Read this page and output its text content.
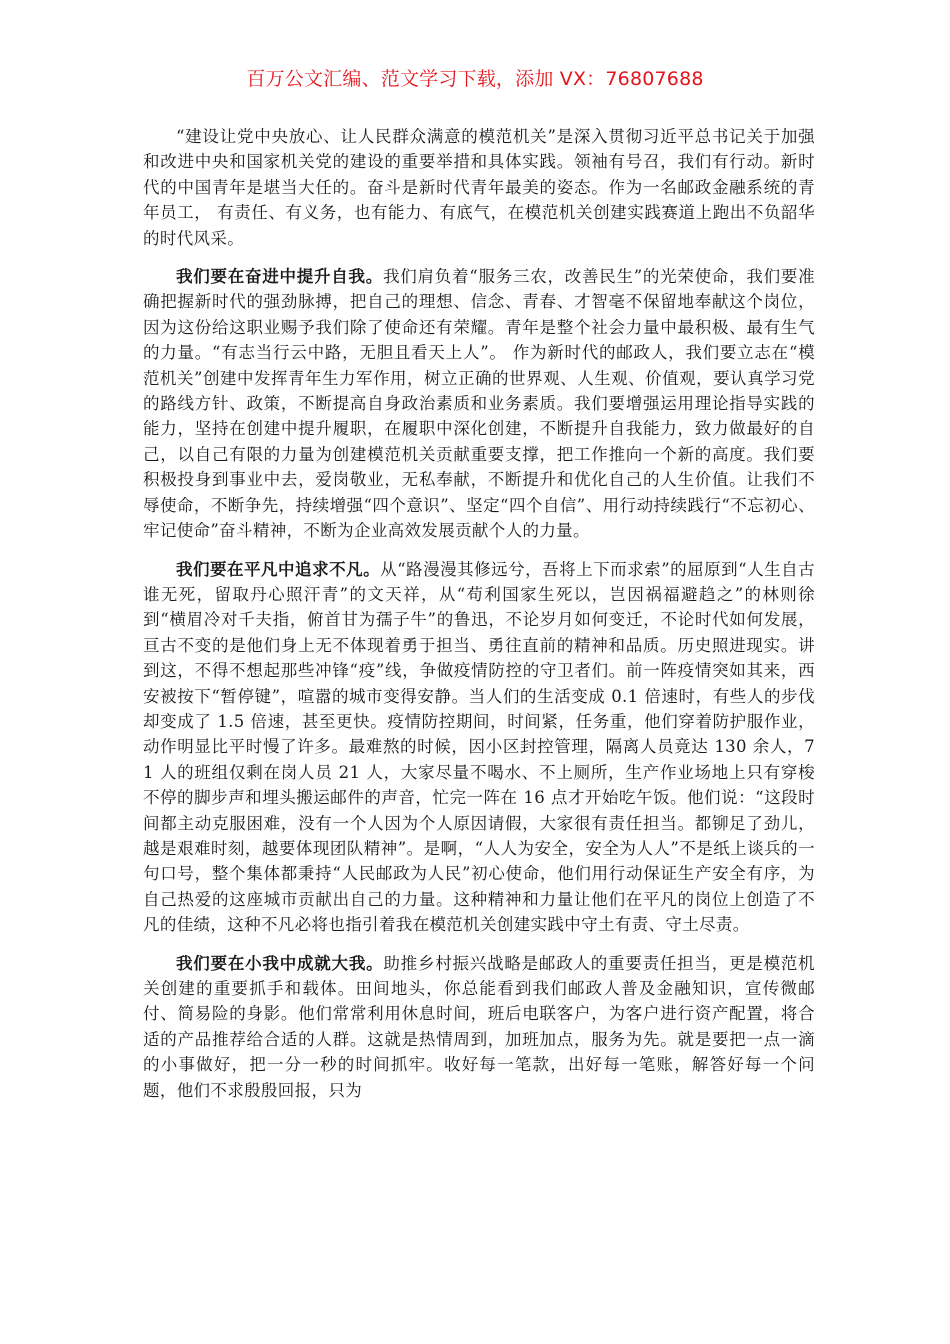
百万公文汇编、范文学习下载，添加 VX：76807688

“建设让党中央放心、让人民群众满意的模范机关”是深入贯彻习近平总书记关于加强和改进中央和国家机关党的建设的重要举措和具体实践。领袖有号召，我们有行动。新时代的中国青年是堪当大任的。奋斗是新时代青年最美的姿态。作为一名邮政金融系统的青年员工， 有责任、有义务，也有能力、有底气，在模范机关创建实践赛道上跑出不负韶华的时代风采。

我们要在奋进中提升自我。我们肩负着“服务三农，改善民生”的光荣使命，我们要准确把握新时代的强劲脉搏，把自己的理想、信念、青春、才智毫不保留地奉献这个岗位，因为这份给这职业赐予我们除了使命还有荣耀。青年是整个社会力量中最积极、最有生气的力量。“有志当行云中路，无胆且看天上人”。 作为新时代的邮政人，我们要立志在“模范机关”创建中发挥青年生力军作用，树立正确的世界观、人生观、价值观，要认真学习党的路线方针、政策，不断提高自身政治素质和业务素质。我们要增强运用理论指导实践的能力，坚持在创建中提升履职，在履职中深化创建，不断提升自我能力，致力做最好的自己，以自己有限的力量为创建模范机关贡献重要支撑，把工作推向一个新的高度。我们要积极投身到事业中去，爱岗敬业，无私奉献，不断提升和优化自己的人生价值。让我们不辱使命，不断争先，持续增强“四个意识”、坚定“四个自信”、用行动持续践行“不忘初心、牢记使命”奋斗精神，不断为企业高效发展贡献个人的力量。

我们要在平凡中追求不凡。从“路漫漫其修远兮，吾将上下而求索”的屈原到“人生自古谁无死，留取丹心照汗青”的文天祥，从“苟利国家生死以，岂因祸福避趋之”的林则徐到“横眉冷对千夫指，俯首甘为孺子牛”的鲁迅，不论岁月如何变迁，不论时代如何发展，亘古不变的是他们身上无不体现着勇于担当、勇往直前的精神和品质。历史照进现实。讲到这，不得不想起那些冲锋“疫”线，争做疫情防控的守卫者们。前一阵疫情突如其来，西安被按下“暂停键”，喧嚣的城市变得安静。当人们的生活变成 0.1 倍速时，有些人的步伐却变成了 1.5 倍速，甚至更快。疫情防控期间，时间紧，任务重，他们穿着防护服作业，动作明显比平时慢了许多。最难熬的时候，因小区封控管理，隔离人员竟达 130 余人，71 人的班组仅剩在岗人员 21 人，大家尽量不喝水、不上厕所，生产作业场地上只有穿梭不停的脚步声和埋头搬运邮件的声音，忙完一阵在 16 点才开始吃午饭。他们说：“这段时间都主动克服困难，没有一个人因为个人原因请假，大家很有责任担当。都铆足了劲儿，越是艰难时刻，越要体现团队精神”。是啊，“人人为安全，安全为人人”不是纸上谈兵的一句口号，整个集体都秉持“人民邮政为人民”初心使命，他们用行动保证生产安全有序，为自己热爱的这座城市贡献出自己的力量。这种精神和力量让他们在平凡的岗位上创造了不凡的佳绩，这种不凡必将也指引着我在模范机关创建实践中守土有责、守土尽责。

我们要在小我中成就大我。助推乡村振兴战略是邮政人的重要责任担当，更是模范机关创建的重要抓手和载体。田间地头，你总能看到我们邮政人普及金融知识，宣传微邮付、简易险的身影。他们常常利用休息时间，班后电联客户，为客户进行资产配置，将合适的产品推荐给合适的人群。这就是热情周到，加班加点，服务为先。就是要把一点一滴的小事做好，把一分一秒的时间抓牢。收好每一笔款，出好每一笔账，解答好每一个问题，他们不求殷殷回报，只为
